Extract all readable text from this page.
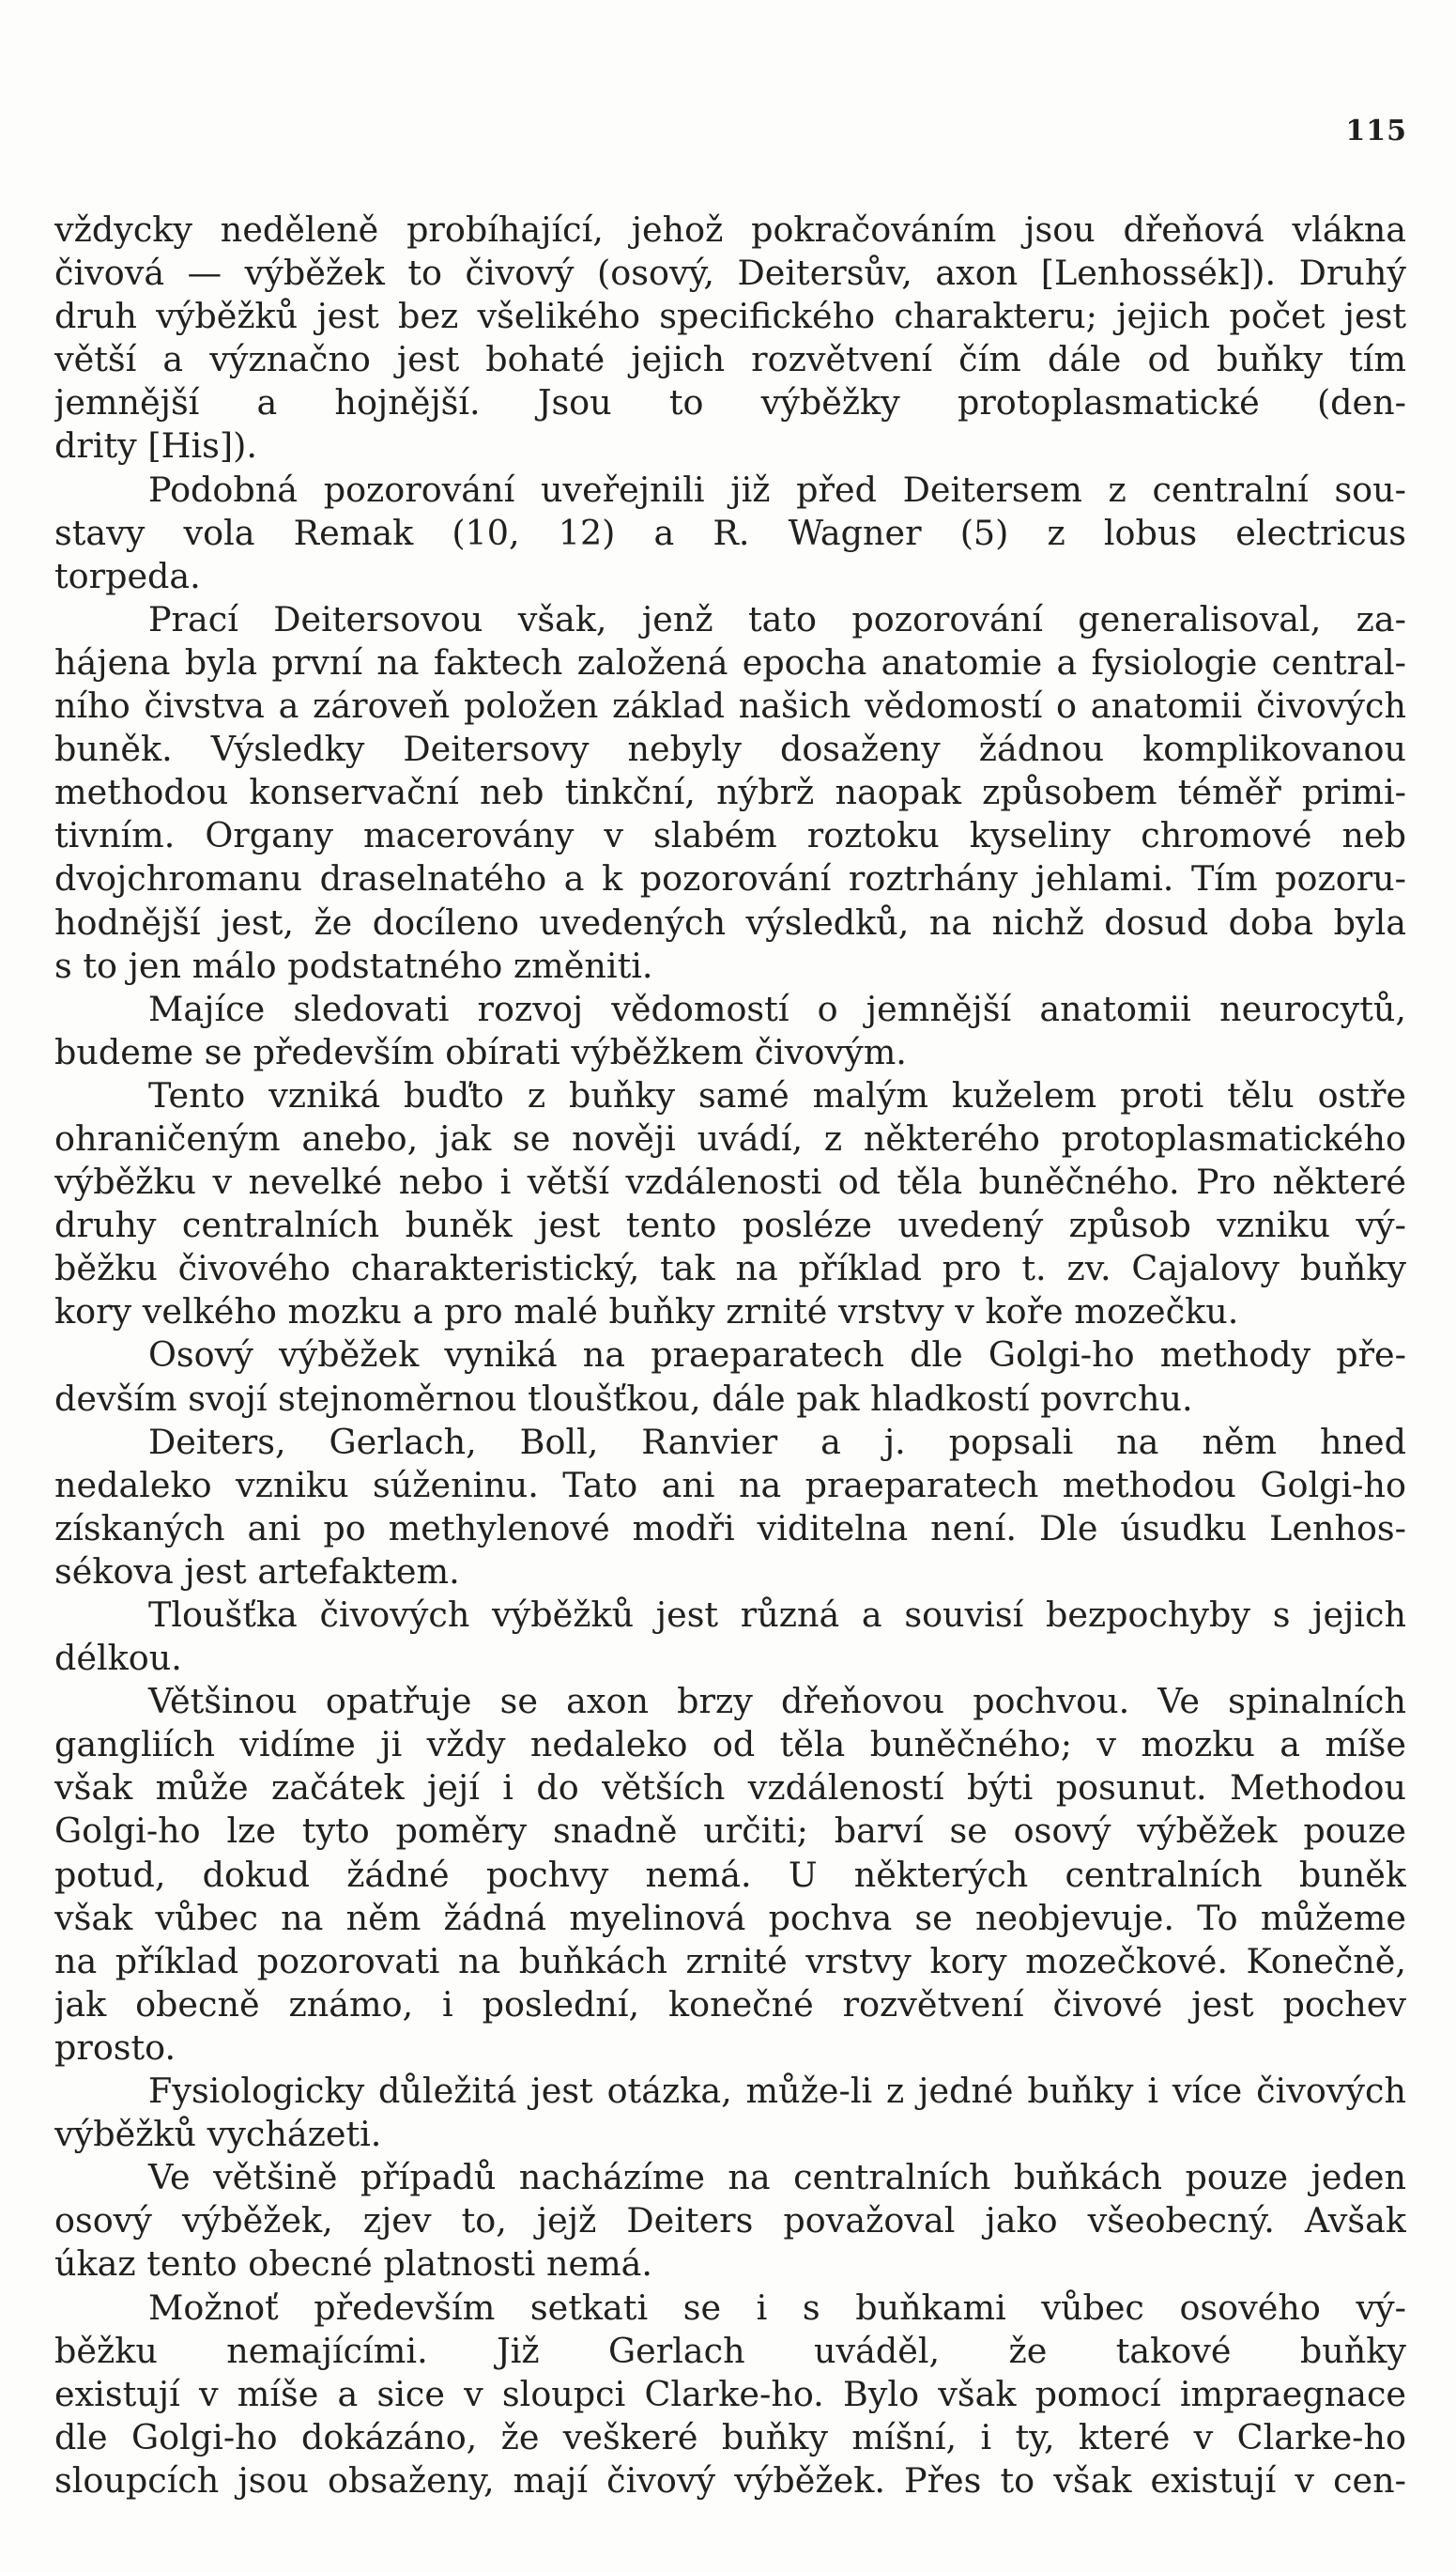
115
vždycky neděleně probíhající, jehož pokračováním jsou dřeňová vlákna
čivová — výběžek to čivový (osový, Deitersův, axon [Lenhossék]). Druhý
druh výběžků jest bez všelikého specifického charakteru; jejich počet jest
větší a význačno jest bohaté jejich rozvětvení čím dále od buňky tím
jemnější a hojnější. Jsou to výběžky protoplasmatické (den-
drity [His]).
Podobná pozorování uveřejnili již před Deitersem z centralní sou-
stavy vola Remak (10, 12) a R. Wagner (5) z lobus electricus
torpeda.
Prací Deitersovou však, jenž tato pozorování generalisoval, za-
hájena byla první na faktech založená epocha anatomie a fysiologie central-
ního čivstva a zároveň položen základ našich vědomostí o anatomii čivových
buněk. Výsledky Deitersovy nebyly dosaženy žádnou komplikovanou
methodou konservační neb tinkční, nýbrž naopak způsobem téměř primi-
tivním. Organy macerovány v slabém roztoku kyseliny chromové neb
dvojchromanu draselnatého a k pozorování roztrhány jehlami. Tím pozoru-
hodnější jest, že docíleno uvedených výsledků, na nichž dosud doba byla
s to jen málo podstatného změniti.
Majíce sledovati rozvoj vědomostí o jemnější anatomii neurocytů,
budeme se především obírati výběžkem čivovým.
Tento vzniká buďto z buňky samé malým kuželem proti tělu ostře
ohraničeným anebo, jak se nověji uvádí, z některého protoplasmatického
výběžku v nevelké nebo i větší vzdálenosti od těla buněčného. Pro některé
druhy centralních buněk jest tento posléze uvedený způsob vzniku vý-
běžku čivového charakteristický, tak na příklad pro t. zv. Cajalovy buňky
kory velkého mozku a pro malé buňky zrnité vrstvy v koře mozečku.
Osový výběžek vyniká na praeparatech dle Golgi-ho methody pře-
devším svojí stejnoměrnou tloušťkou, dále pak hladkostí povrchu.
Deiters, Gerlach, Boll, Ranvier a j. popsali na něm hned
nedaleko vzniku súženinu. Tato ani na praeparatech methodou Golgi-ho
získaných ani po methylenové modři viditelna není. Dle úsudku Lenhos-
sékova jest artefaktem.
Tloušťka čivových výběžků jest různá a souvisí bezpochyby s jejich
délkou.
Většinou opatřuje se axon brzy dřeňovou pochvou. Ve spinalních
gangliích vidíme ji vždy nedaleko od těla buněčného; v mozku a míše
však může začátek její i do větších vzdáleností býti posunut. Methodou
Golgi-ho lze tyto poměry snadně určiti; barví se osový výběžek pouze
potud, dokud žádné pochvy nemá. U některých centralních buněk
však vůbec na něm žádná myelinová pochva se neobjevuje. To můžeme
na příklad pozorovati na buňkách zrnité vrstvy kory mozečkové. Konečně,
jak obecně známo, i poslední, konečné rozvětvení čivové jest pochev
prosto.
Fysiologicky důležitá jest otázka, může-li z jedné buňky i více čivových
výběžků vycházeti.
Ve většině případů nacházíme na centralních buňkách pouze jeden
osový výběžek, zjev to, jejž Deiters považoval jako všeobecný. Avšak
úkaz tento obecné platnosti nemá.
Možnoť především setkati se i s buňkami vůbec osového vý-
běžku nemajícími. Již Gerlach uváděl, že takové buňky
existují v míše a sice v sloupci Clarke-ho. Bylo však pomocí impraegnace
dle Golgi-ho dokázáno, že veškeré buňky míšní, i ty, které v Clarke-ho
sloupcích jsou obsaženy, mají čivový výběžek. Přes to však existují v cen-
